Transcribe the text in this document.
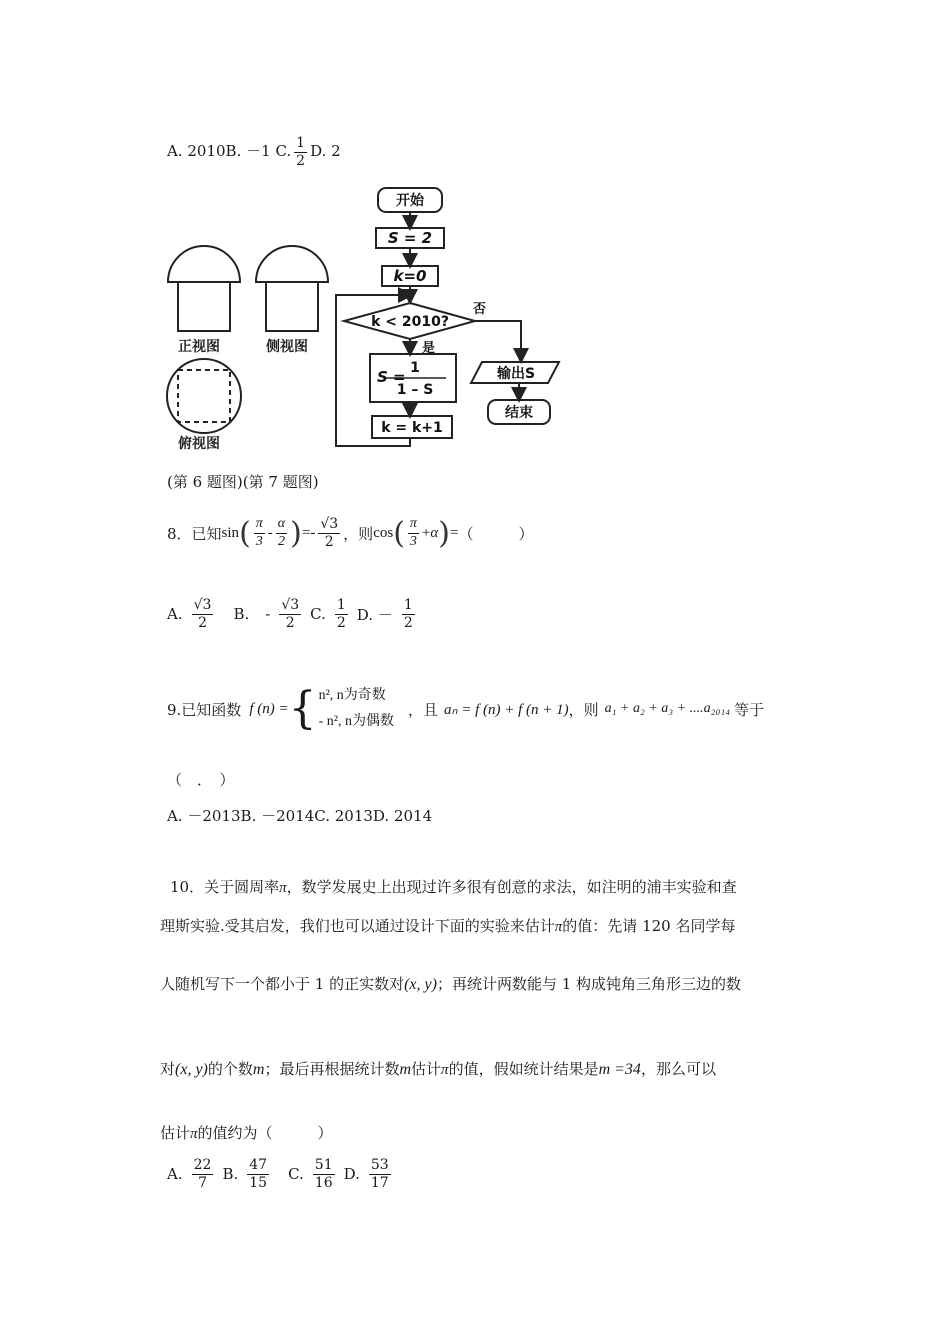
A. 2010B. －1 C. $\frac{1}{2} D$. 2
正视图	侧视图
俯视图
开始
S = 2
k=0
k < 2010?
否
是
S = 1
1 – S
k = k+1
输出S
结束
(第 6 题图)(第 7 题图)
8．已知 sin ( $\frac{\pi}{3} - \frac{\alpha}{2}$ ) =- $\frac{√3}{2}$ ，则 cos ( $\frac{\pi}{3} + \alpha$ ) = （　　　）
A. $\frac{√3}{2} B$. - $\frac{√3}{2} C$. $\frac{1}{2} D$. － $\frac{1}{2}$
9.已知函数 f (n) = { n², n为奇数
- n², n为偶数
，且 aₙ = f (n) + f (n + 1) ，则 a₁ + a₂ + a₃ + ....a₂₀₁₄ 等于
（　．　）
A. －2013B. －2014C. 2013D. 2014
10．关于圆周率π，数学发展史上出现过许多很有创意的求法，如注明的浦丰实验和查
理斯实验.受其启发，我们也可以通过设计下面的实验来估计π的值：先请 120 名同学每
人随机写下一个都小于 1 的正实数对(x, y)；再统计两数能与 1 构成钝角三角形三边的数
对(x, y)的个数m；最后再根据统计数m估计π的值，假如统计结果是m =34，那么可以
估计π的值约为（　　　）
A. $\frac{22}{7} B$. $\frac{47}{15} C$. $\frac{51}{16} D$. $\frac{53}{17}$
